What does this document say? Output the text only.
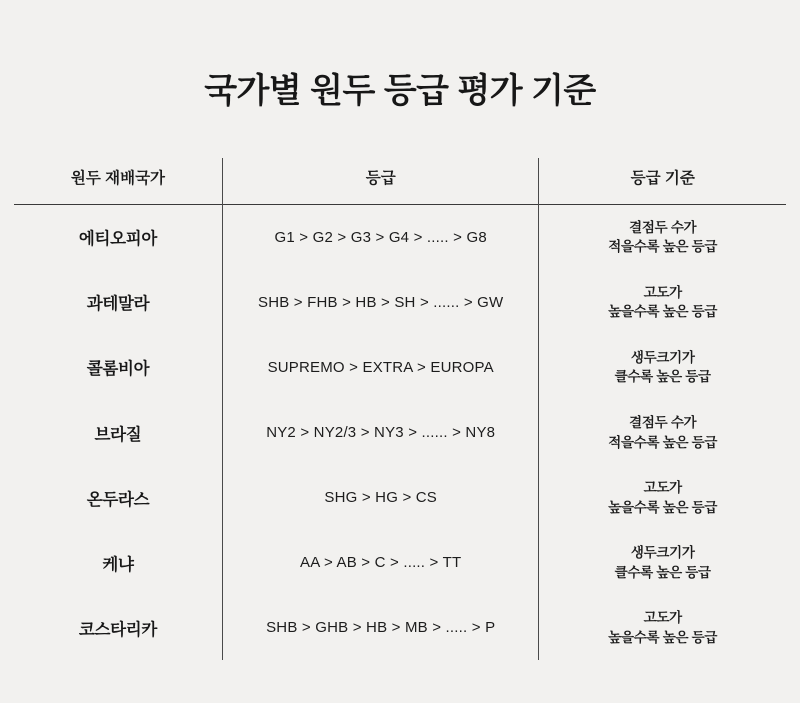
국가별 원두 등급 평가 기준
원두 재배국가	등급	등급 기준
에티오피아	G1 > G2 > G3 > G4 > ..... > G8	결점두 수가
적을수록 높은 등급

과테말라	SHB > FHB > HB > SH > ...... > GW	고도가
높을수록 높은 등급

콜롬비아	SUPREMO > EXTRA > EUROPA	생두크기가
클수록 높은 등급

브라질	NY2 > NY2/3 > NY3 > ...... > NY8	결점두 수가
적을수록 높은 등급

온두라스	SHG > HG > CS	고도가
높을수록 높은 등급

케냐	AA > AB > C > ..... > TT	생두크기가
클수록 높은 등급

코스타리카	SHB > GHB > HB > MB > ..... > P	고도가
높을수록 높은 등급
